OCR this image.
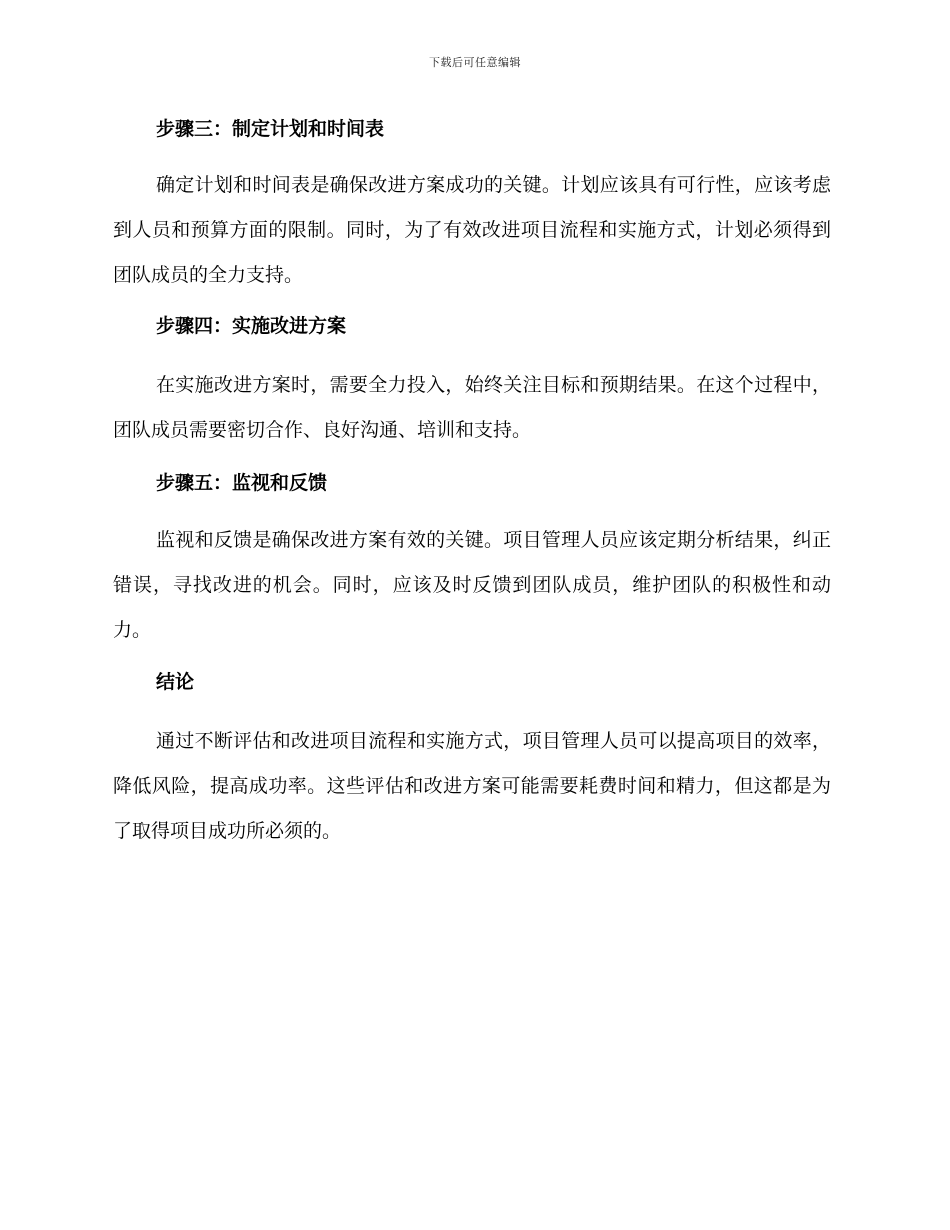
下载后可任意编辑

步骤三：制定计划和时间表

确定计划和时间表是确保改进方案成功的关键。计划应该具有可行性，应该考虑到人员和预算方面的限制。同时，为了有效改进项目流程和实施方式，计划必须得到团队成员的全力支持。

步骤四：实施改进方案

在实施改进方案时，需要全力投入，始终关注目标和预期结果。在这个过程中，团队成员需要密切合作、良好沟通、培训和支持。

步骤五：监视和反馈

监视和反馈是确保改进方案有效的关键。项目管理人员应该定期分析结果，纠正错误，寻找改进的机会。同时，应该及时反馈到团队成员，维护团队的积极性和动力。

结论

通过不断评估和改进项目流程和实施方式，项目管理人员可以提高项目的效率，降低风险，提高成功率。这些评估和改进方案可能需要耗费时间和精力，但这都是为了取得项目成功所必须的。
